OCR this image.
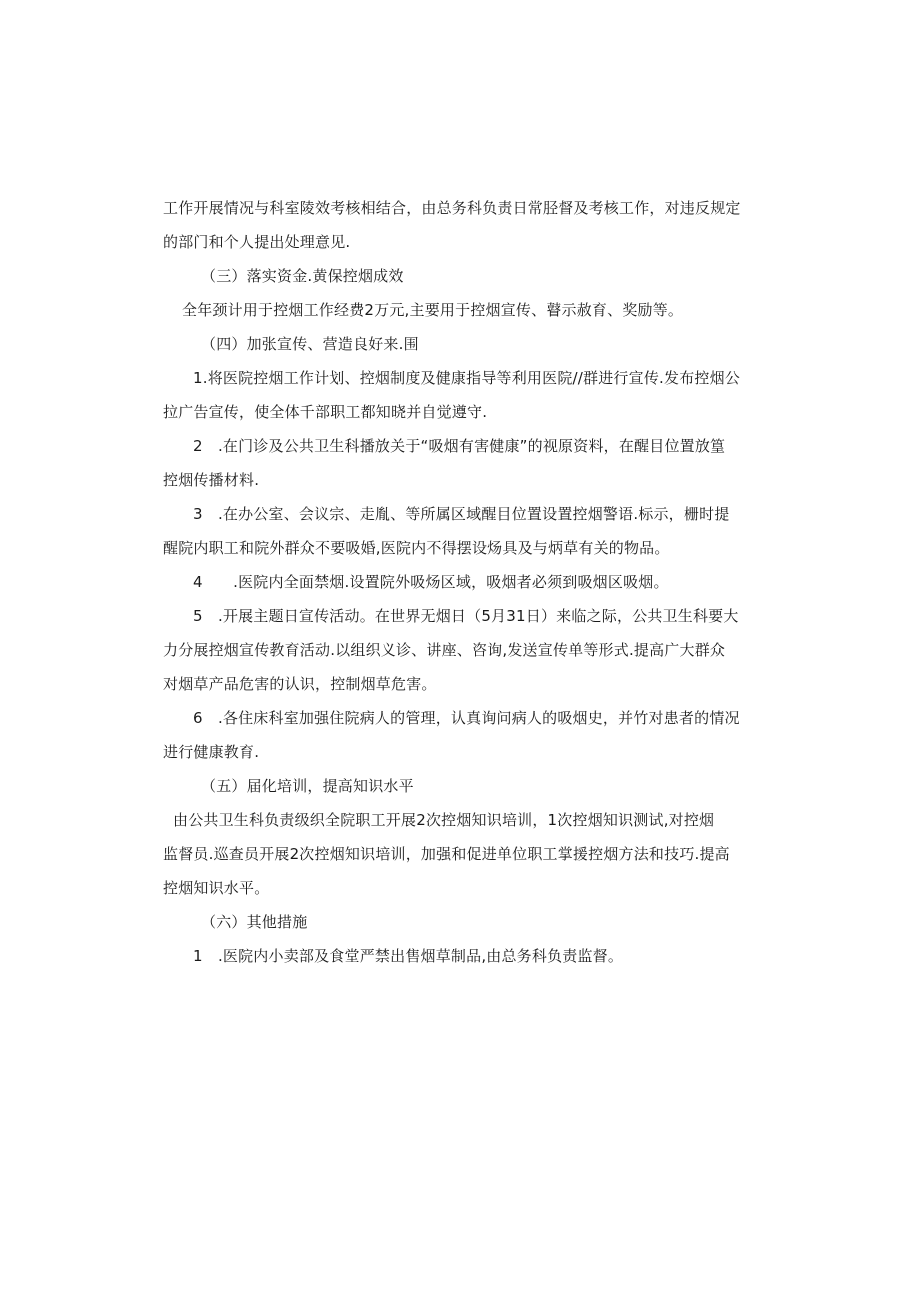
工作开展情况与科室陵效考核相结合，由总务科负责日常胫督及考核工作，对违反规定
的部门和个人提出处理意见.
（三）落实资金.黄保控烟成效
全年颈计用于控烟工作经费2万元,主要用于控烟宣传、瞽示赦育、奖励等。
（四）加张宣传、营造良好来.围
1.将医院控烟工作计划、控烟制度及健康指导等利用医院//群进行宣传.发布控烟公
拉广告宣传，使全体千部职工都知晓并自觉遵守.
2　.在门诊及公共卫生科播放关于“吸烟有害健康”的视原资料，在醒目位置放篁
控烟传播材料.
3　.在办公室、会议宗、走胤、等所属区域醒目位置设置控烟警语.标示，栅时提
醒院内职工和院外群众不要吸婚,医院内不得摆设炀具及与炳草有关的物品。
4　　.医院内全面禁烟.设置院外吸炀区域，吸烟者必须到吸烟区吸烟。
5　.开展主题日宣传活动。在世界无烟日（5月31日）来临之际，公共卫生科要大
力分展控烟宣传教育活动.以组织义诊、讲座、咨询,发送宣传单等形式.提高广大群众
对烟草产品危害的认识，控制烟草危害。
6　.各住床科室加强住院病人的管理，认真询问病人的吸烟史，并竹对患者的情况
进行健康教育.
（五）届化培训，提高知识水平
由公共卫生科负责级织全院职工开展2次控烟知识培训，1次控烟知识测试,对控烟
监督员.巡查员开展2次控烟知识培训，加强和促进单位职工掌援控烟方法和技巧.提高
控烟知识水平。
（六）其他措施
1　.医院内小卖部及食堂严禁出售烟草制品,由总务科负责监督。
